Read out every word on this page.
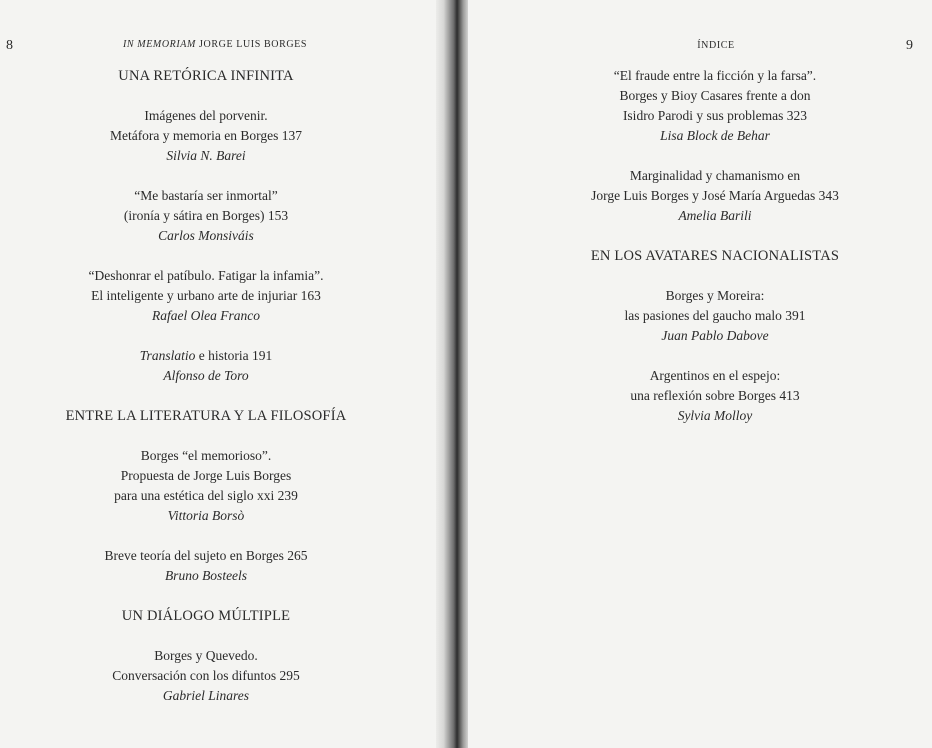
8	IN MEMORIAM JORGE LUIS BORGES
UNA RETÓRICA INFINITA
Imágenes del porvenir.
Metáfora y memoria en Borges 137
Silvia N. Barei
“Me bastaría ser inmortal”
(ironía y sátira en Borges) 153
Carlos Monsiváis
“Deshonrar el patíbulo. Fatigar la infamia”.
El inteligente y urbano arte de injuriar 163
Rafael Olea Franco
Translatio e historia 191
Alfonso de Toro
ENTRE LA LITERATURA Y LA FILOSOFÍA
Borges “el memorioso”.
Propuesta de Jorge Luis Borges
para una estética del siglo xxi 239
Vittoria Borsò
Breve teoría del sujeto en Borges 265
Bruno Bosteels
UN DIÁLOGO MÚLTIPLE
Borges y Quevedo.
Conversación con los difuntos 295
Gabriel Linares
ÍNDICE	9
“El fraude entre la ficción y la farsa”.
Borges y Bioy Casares frente a don
Isidro Parodi y sus problemas 323
Lisa Block de Behar
Marginalidad y chamanismo en
Jorge Luis Borges y José María Arguedas 343
Amelia Barili
EN LOS AVATARES NACIONALISTAS
Borges y Moreira:
las pasiones del gaucho malo 391
Juan Pablo Dabove
Argentinos en el espejo:
una reflexión sobre Borges 413
Sylvia Molloy
